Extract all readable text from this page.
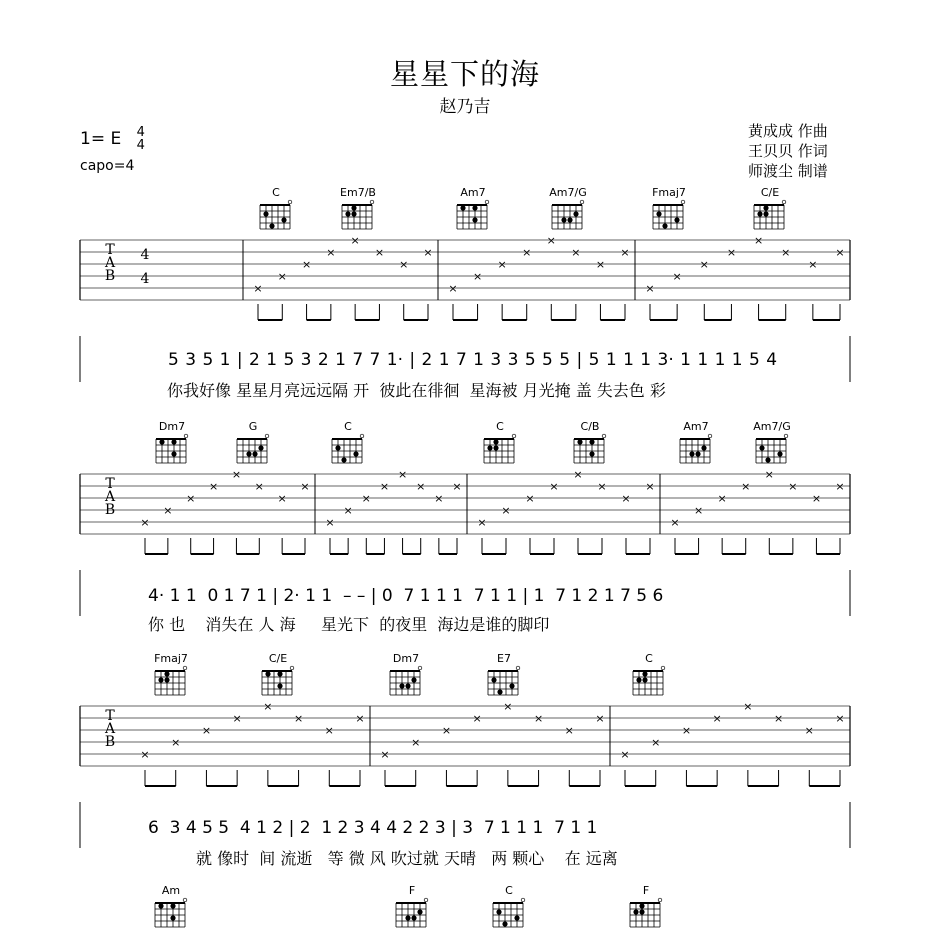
星星下的海
赵乃吉
1= E 4
4
capo=4
黄成成 作曲
王贝贝 作词
师渡尘 制谱
C	Em7/B	Am7	Am7/G	Fmaj7	C/E
Dm7	G	C	C	C/B	Am7	Am7/G
Fmaj7	C/E	Dm7	E7	C
Am	F	C	F
T
A
B
4
4
×
×
×
×
×
×
×
×
×
×
×
×
×
×
×
×
×
×
×
×
×
×
×
×
T
A
B
×
×
×
×
×
×
×
×
×
×
×
×
×
×
×
×
×
×
×
×
×
×
×
×
×
×
×
×
×
×
×
×
T
A
B
×
×
×
×
×
×
×
×
×
×
×
×
×
×
×
×
×
×
×
×
×
×
×
×
5 3 5 1 | 2 1 5 3 2 1 7 7 1· | 2 1 7 1 3 3 5 5 5 | 5 1 1 1 3· 1 1 1 1 5 4
你我好像 星星月亮远远隔 开  彼此在徘徊  星海被 月光掩 盖 失去色 彩
4· 1 1  0 1 7 1 | 2· 1 1  – – | 0  7 1 1 1  7 1 1 | 1  7 1 2 1 7 5 6
你 也    消失在 人 海     星光下  的夜里  海边是谁的脚印
6  3 4 5 5  4 1 2 | 2  1 2 3 4 4 2 2 3 | 3  7 1 1 1  7 1 1
就 像时  间 流逝   等 微 风 吹过就 天晴   两 颗心    在 远离
